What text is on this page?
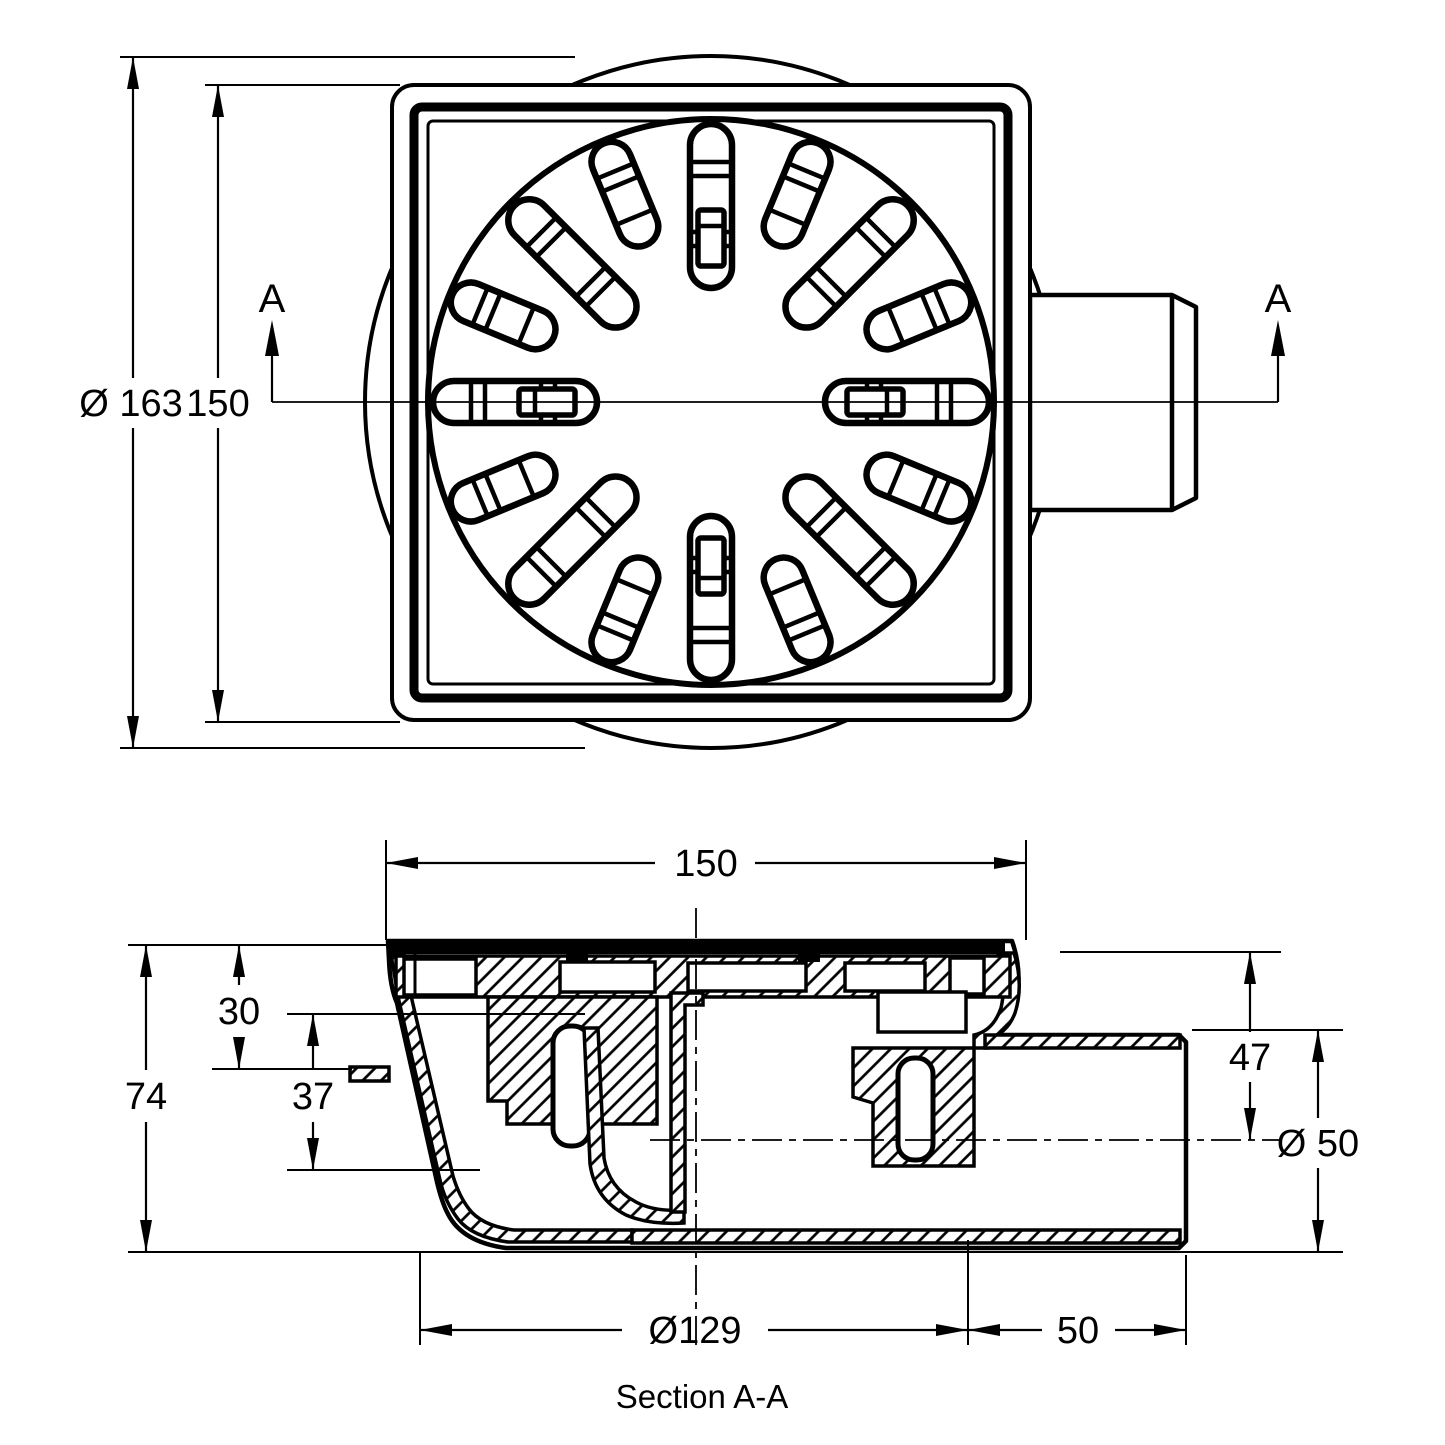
A	A
Ø 163 150
150
74
30
37
47
Ø 50
Ø129	50
Section A-A
